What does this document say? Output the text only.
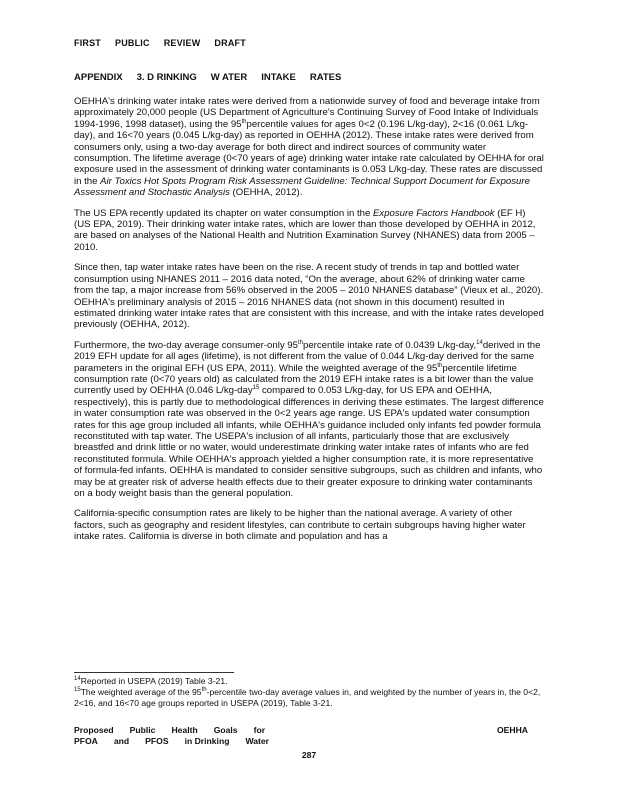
FIRST PUBLIC REVIEW DRAFT
APPENDIX 3. D RINKING W ATER INTAKE RATES

OEHHA's drinking water intake rates were derived from a nationwide survey of food and beverage intake from approximately 20,000 people (US Department of Agriculture's Continuing Survey of Food Intake of Individuals 1994-1996, 1998 dataset), using the 95thpercentile values for ages 0<2 (0.196 L/kg-day), 2<16 (0.061 L/kg-day), and 16<70 years (0.045 L/kg-day) as reported in OEHHA (2012). These intake rates were derived from consumers only, using a two-day average for both direct and indirect sources of community water consumption. The lifetime average (0<70 years of age) drinking water intake rate calculated by OEHHA for oral exposure used in the assessment of drinking water contaminants is 0.053 L/kg-day. These rates are discussed in the Air Toxics Hot Spots Program Risk Assessment Guideline: Technical Support Document for Exposure Assessment and Stochastic Analysis (OEHHA, 2012).

The US EPA recently updated its chapter on water consumption in the Exposure Factors Handbook (EF H) (US EPA, 2019). Their drinking water intake rates, which are lower than those developed by OEHHA in 2012, are based on analyses of the National Health and Nutrition Examination Survey (NHANES) data from 2005 – 2010.

Since then, tap water intake rates have been on the rise. A recent study of trends in tap and bottled water consumption using NHANES 2011 – 2016 data noted, “On the average, about 62% of drinking water came from the tap, a major increase from 56% observed in the 2005 – 2010 NHANES database” (Vieux et al., 2020). OEHHA's preliminary analysis of 2015 – 2016 NHANES data (not shown in this document) resulted in estimated drinking water intake rates that are consistent with this increase, and with the intake rates developed previously (OEHHA, 2012).

Furthermore, the two-day average consumer-only 95thpercentile intake rate of 0.0439 L/kg-day,$^{14}$derived in the 2019 EFH update for all ages (lifetime), is not different from the value of 0.044 L/kg-day derived for the same parameters in the original EFH (US EPA, 2011). While the weighted average of the 95thpercentile lifetime consumption rate (0<70 years old) as calculated from the 2019 EFH intake rates is a bit lower than the value currently used by OEHHA (0.046 L/kg-day$^{15}$ compared to 0.053 L/kg-day, for US EPA and OEHHA, respectively), this is partly due to methodological differences in deriving these estimates. The largest difference in water consumption rate was observed in the 0<2 years age range. US EPA's updated water consumption rates for this age group included all infants, while OEHHA's guidance included only infants fed powder formula reconstituted with tap water. The USEPA's inclusion of all infants, particularly those that are exclusively breastfed and drink little or no water, would underestimate drinking water intake rates of infants who are fed reconstituted formula. While OEHHA's approach yielded a higher consumption rate, it is more representative of formula-fed infants. OEHHA is mandated to consider sensitive subgroups, such as children and infants, who may be at greater risk of adverse health effects due to their greater exposure to drinking water contaminants on a body weight basis than the general population.

California-specific consumption rates are likely to be higher than the national average. A variety of other factors, such as geography and resident lifestyles, can contribute to certain subgroups having higher water intake rates. California is diverse in both climate and population and has a

$^{14}$Reported in USEPA (2019) Table 3-21.
$^{15}$The weighted average of the 95th-percentile two-day average values in, and weighted by the number of years in, the 0<2, 2<16, and 16<70 age groups reported in USEPA (2019), Table 3-21.
Proposed Public Health Goals for
PFOA and PFOS in Drinking Water
OEHHA
287
